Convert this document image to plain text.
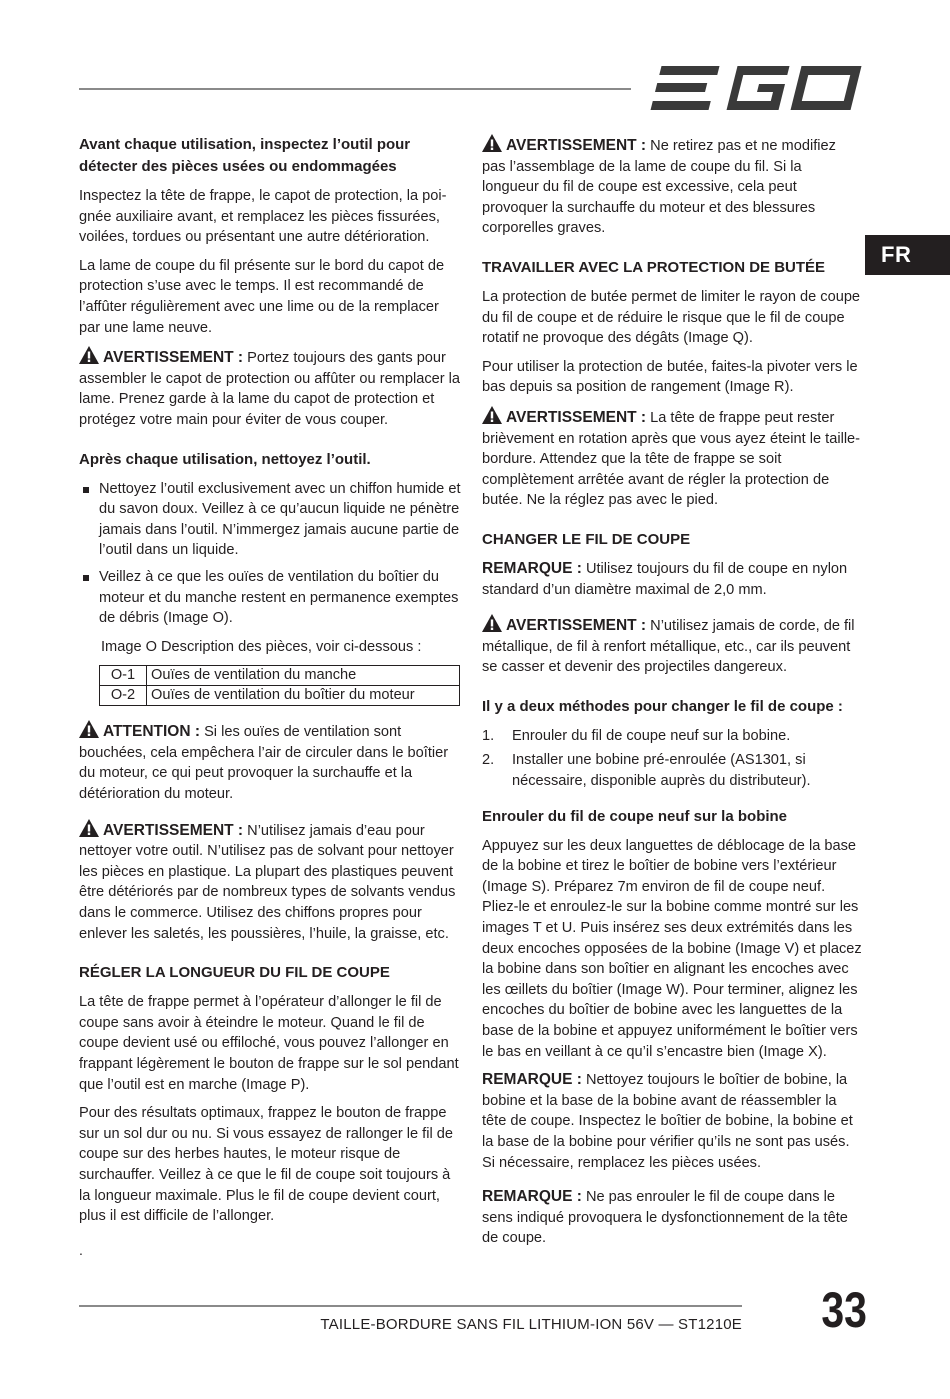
FR
Avant chaque utilisation, inspectez l’outil pour détecter des pièces usées ou endommagées

Inspectez la tête de frappe, le capot de protection, la poi-gnée auxiliaire avant, et remplacez les pièces fissurées, voilées, tordues ou présentant une autre détérioration.

La lame de coupe du fil présente sur le bord du capot de protection s’use avec le temps. Il est recommandé de l’affûter régulièrement avec une lime ou de la remplacer par une lame neuve.

AVERTISSEMENT : Portez toujours des gants pour assembler le capot de protection ou affûter ou remplacer la lame. Prenez garde à la lame du capot de protection et protégez votre main pour éviter de vous couper.

Après chaque utilisation, nettoyez l’outil.
Nettoyez l’outil exclusivement avec un chiffon humide et du savon doux. Veillez à ce qu’aucun liquide ne pénètre jamais dans l’outil. N’immergez jamais aucune partie de l’outil dans un liquide.
Veillez à ce que les ouïes de ventilation du boîtier du moteur et du manche restent en permanence exemptes de débris (Image O).

Image O Description des pièces, voir ci-dessous :

O-1	Ouïes de ventilation du manche
O-2	Ouïes de ventilation du boîtier du moteur

ATTENTION : Si les ouïes de ventilation sont bouchées, cela empêchera l’air de circuler dans le boîtier du moteur, ce qui peut provoquer la surchauffe et la détérioration du moteur.

AVERTISSEMENT : N’utilisez jamais d’eau pour nettoyer votre outil. N’utilisez pas de solvant pour nettoyer les pièces en plastique. La plupart des plastiques peuvent être détériorés par de nombreux types de solvants vendus dans le commerce. Utilisez des chiffons propres pour enlever les saletés, les poussières, l’huile, la graisse, etc.

RÉGLER LA LONGUEUR DU FIL DE COUPE

La tête de frappe permet à l’opérateur d’allonger le fil de coupe sans avoir à éteindre le moteur. Quand le fil de coupe devient usé ou effiloché, vous pouvez l’allonger en frappant légèrement le bouton de frappe sur le sol pendant que l’outil est en marche (Image P).

Pour des résultats optimaux, frappez le bouton de frappe sur un sol dur ou nu. Si vous essayez de rallonger le fil de coupe sur des herbes hautes, le moteur risque de surchauffer. Veillez à ce que le fil de coupe soit toujours à la longueur maximale. Plus le fil de coupe devient court, plus il est difficile de l’allonger.

.

AVERTISSEMENT : Ne retirez pas et ne modifiez pas l’assemblage de la lame de coupe du fil. Si la longueur du fil de coupe est excessive, cela peut provoquer la surchauffe du moteur et des blessures corporelles graves.

TRAVAILLER AVEC LA PROTECTION DE BUTÉE

La protection de butée permet de limiter le rayon de coupe du fil de coupe et de réduire le risque que le fil de coupe rotatif ne provoque des dégâts (Image Q).

Pour utiliser la protection de butée, faites-la pivoter vers le bas depuis sa position de rangement (Image R).

AVERTISSEMENT : La tête de frappe peut rester brièvement en rotation après que vous ayez éteint le taille-bordure. Attendez que la tête de frappe se soit complètement arrêtée avant de régler la protection de butée. Ne la réglez pas avec le pied.

CHANGER LE FIL DE COUPE

REMARQUE : Utilisez toujours du fil de coupe en nylon standard d’un diamètre maximal de 2,0 mm.

AVERTISSEMENT : N’utilisez jamais de corde, de fil métallique, de fil à renfort métallique, etc., car ils peuvent se casser et devenir des projectiles dangereux.

Il y a deux méthodes pour changer le fil de coupe :
1. Enrouler du fil de coupe neuf sur la bobine.
2. Installer une bobine pré-enroulée (AS1301, si nécessaire, disponible auprès du distributeur).
Enrouler du fil de coupe neuf sur la bobine

Appuyez sur les deux languettes de déblocage de la base de la bobine et tirez le boîtier de bobine vers l’extérieur (Image S). Préparez 7m environ de fil de coupe neuf. Pliez-le et enroulez-le sur la bobine comme montré sur les images T et U. Puis insérez ses deux extrémités dans les deux encoches opposées de la bobine (Image V) et placez la bobine dans son boîtier en alignant les encoches avec les œillets du boîtier (Image W). Pour terminer, alignez les encoches du boîtier de bobine avec les languettes de la base de la bobine et appuyez uniformément le boîtier vers le bas en veillant à ce qu’il s’encastre bien (Image X).

REMARQUE : Nettoyez toujours le boîtier de bobine, la bobine et la base de la bobine avant de réassembler la tête de coupe. Inspectez le boîtier de bobine, la bobine et la base de la bobine pour vérifier qu’ils ne sont pas usés. Si nécessaire, remplacez les pièces usées.

REMARQUE : Ne pas enrouler le fil de coupe dans le sens indiqué provoquera le dysfonctionnement de la tête de coupe.

TAILLE-BORDURE SANS FIL LITHIUM-ION 56V — ST1210E 33
